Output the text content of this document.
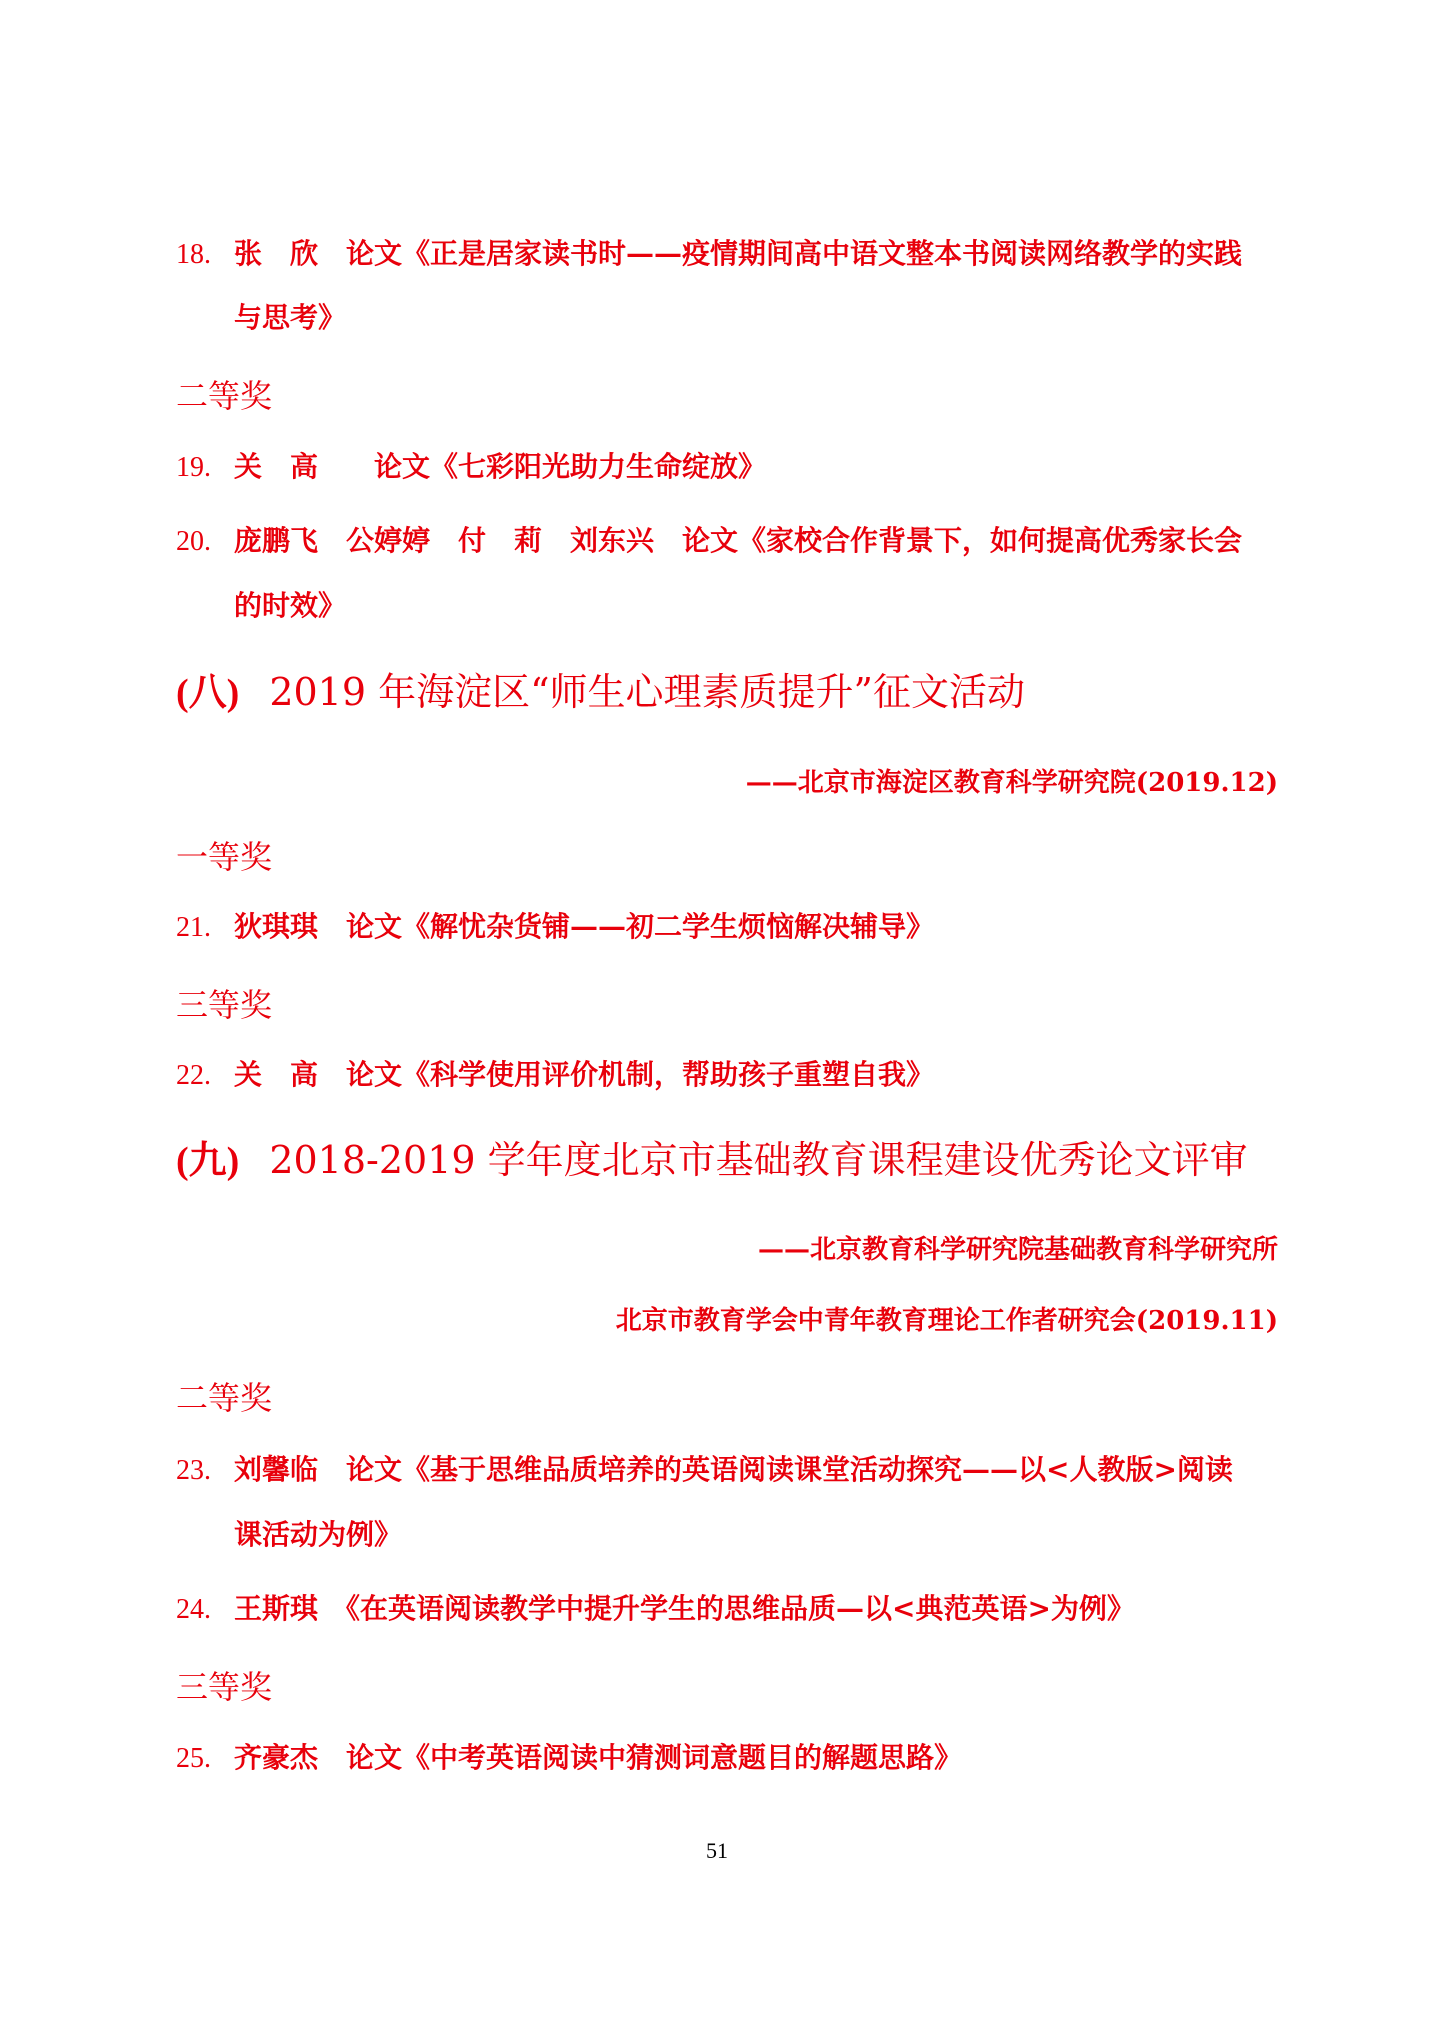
18. 张　欣　论文《正是居家读书时——疫情期间高中语文整本书阅读网络教学的实践
与思考》
二等奖
19. 关　高　　论文《七彩阳光助力生命绽放》
20. 庞鹏飞　公婷婷　付　莉　刘东兴　论文《家校合作背景下，如何提高优秀家长会
的时效》
(八) 2019 年海淀区“师生心理素质提升”征文活动
——北京市海淀区教育科学研究院(2019.12)
一等奖
21. 狄琪琪　论文《解忧杂货铺——初二学生烦恼解决辅导》
三等奖
22. 关　高　论文《科学使用评价机制，帮助孩子重塑自我》
(九) 2018-2019 学年度北京市基础教育课程建设优秀论文评审
——北京教育科学研究院基础教育科学研究所
北京市教育学会中青年教育理论工作者研究会(2019.11)
二等奖
23. 刘馨临　论文《基于思维品质培养的英语阅读课堂活动探究——以<人教版>阅读
课活动为例》
24. 王斯琪　《在英语阅读教学中提升学生的思维品质—以<典范英语>为例》
三等奖
25. 齐豪杰　论文《中考英语阅读中猜测词意题目的解题思路》
51
